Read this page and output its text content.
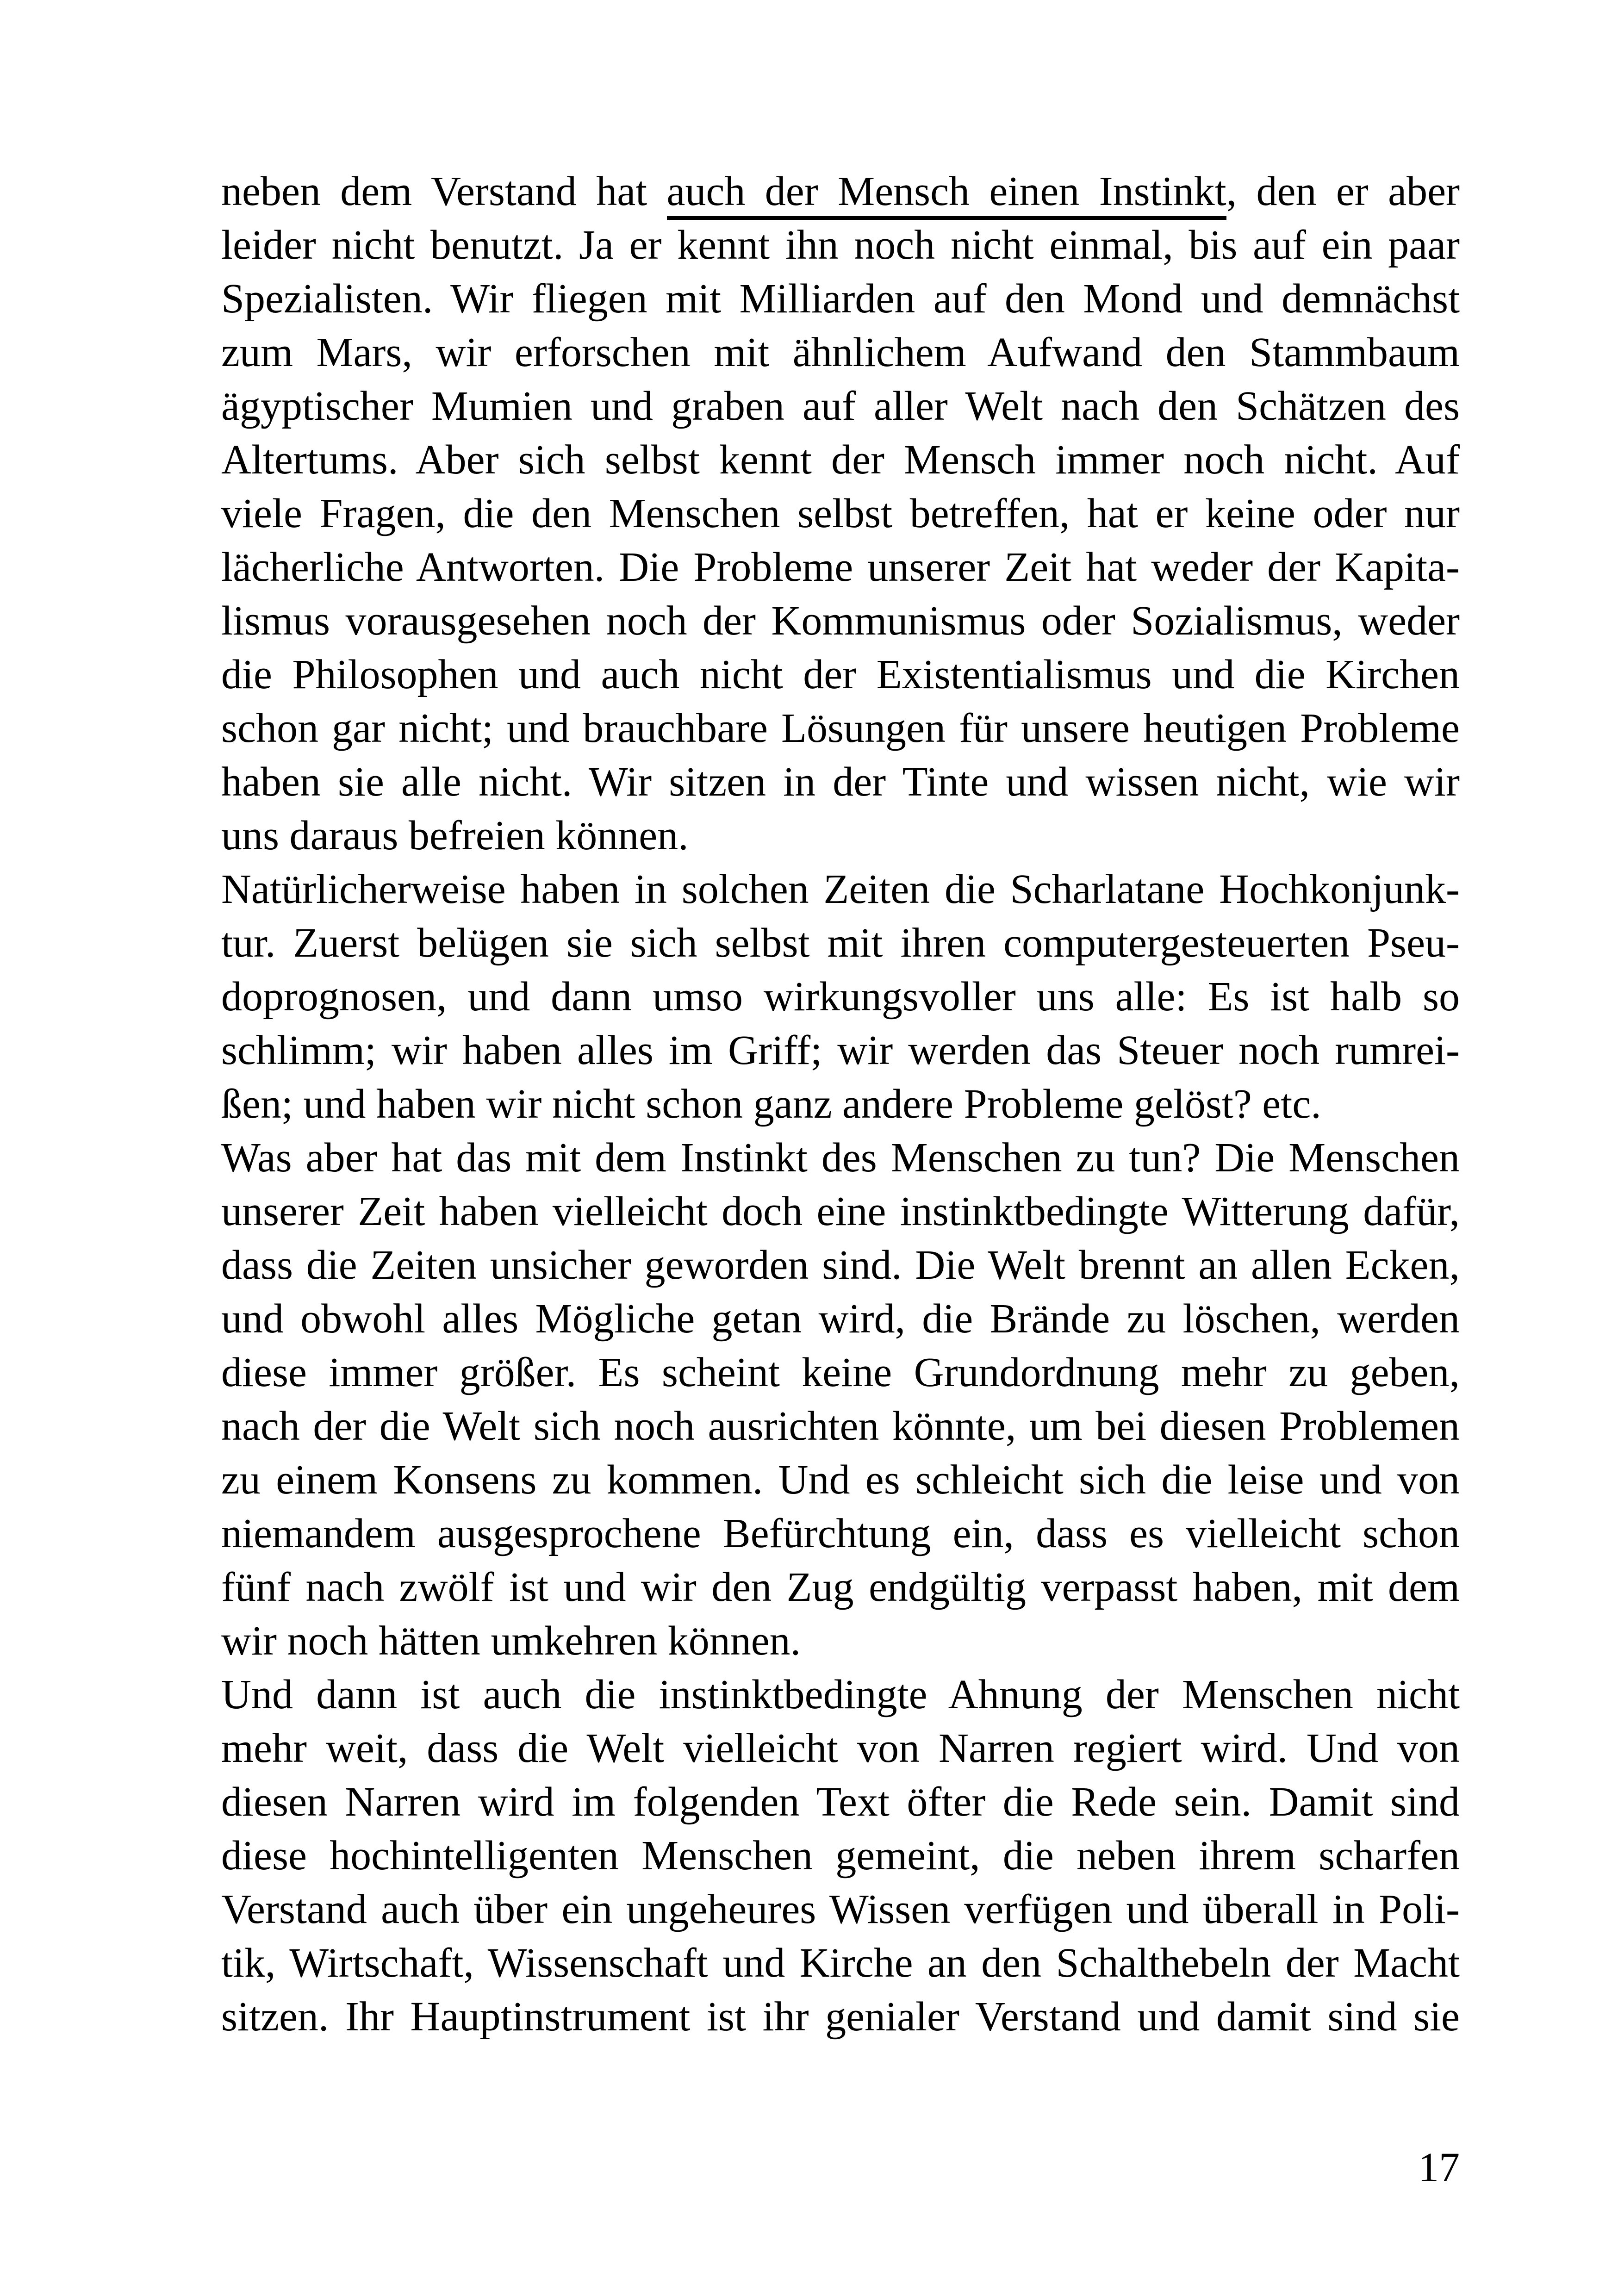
neben dem Verstand hat auch der Mensch einen Instinkt, den er aber
leider nicht benutzt. Ja er kennt ihn noch nicht einmal, bis auf ein paar
Spezialisten. Wir fliegen mit Milliarden auf den Mond und demnächst
zum Mars, wir erforschen mit ähnlichem Aufwand den Stammbaum
ägyptischer Mumien und graben auf aller Welt nach den Schätzen des
Altertums. Aber sich selbst kennt der Mensch immer noch nicht. Auf
viele Fragen, die den Menschen selbst betreffen, hat er keine oder nur
lächerliche Antworten. Die Probleme unserer Zeit hat weder der Kapita-
lismus vorausgesehen noch der Kommunismus oder Sozialismus, weder
die Philosophen und auch nicht der Existentialismus und die Kirchen
schon gar nicht; und brauchbare Lösungen für unsere heutigen Probleme
haben sie alle nicht. Wir sitzen in der Tinte und wissen nicht, wie wir
uns daraus befreien können.
Natürlicherweise haben in solchen Zeiten die Scharlatane Hochkonjunk-
tur. Zuerst belügen sie sich selbst mit ihren computergesteuerten Pseu-
doprognosen, und dann umso wirkungsvoller uns alle: Es ist halb so
schlimm; wir haben alles im Griff; wir werden das Steuer noch rumrei-
ßen; und haben wir nicht schon ganz andere Probleme gelöst? etc.
Was aber hat das mit dem Instinkt des Menschen zu tun? Die Menschen
unserer Zeit haben vielleicht doch eine instinktbedingte Witterung dafür,
dass die Zeiten unsicher geworden sind. Die Welt brennt an allen Ecken,
und obwohl alles Mögliche getan wird, die Brände zu löschen, werden
diese immer größer. Es scheint keine Grundordnung mehr zu geben,
nach der die Welt sich noch ausrichten könnte, um bei diesen Problemen
zu einem Konsens zu kommen. Und es schleicht sich die leise und von
niemandem ausgesprochene Befürchtung ein, dass es vielleicht schon
fünf nach zwölf ist und wir den Zug endgültig verpasst haben, mit dem
wir noch hätten umkehren können.
Und dann ist auch die instinktbedingte Ahnung der Menschen nicht
mehr weit, dass die Welt vielleicht von Narren regiert wird. Und von
diesen Narren wird im folgenden Text öfter die Rede sein. Damit sind
diese hochintelligenten Menschen gemeint, die neben ihrem scharfen
Verstand auch über ein ungeheures Wissen verfügen und überall in Poli-
tik, Wirtschaft, Wissenschaft und Kirche an den Schalthebeln der Macht
sitzen. Ihr Hauptinstrument ist ihr genialer Verstand und damit sind sie
17
